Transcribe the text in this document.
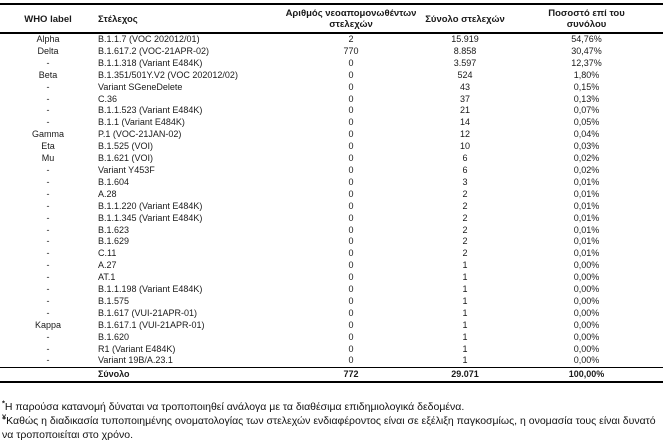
WHO label	Στέλεχος	Αριθμός νεοαπομονωθέντων στελεχών	Σύνολο στελεχών	Ποσοστό επί του συνόλου
Alpha	B.1.1.7 (VOC 202012/01)	2	15.919	54,76%
Delta	B.1.617.2 (VOC-21APR-02)	770	8.858	30,47%
-	B.1.1.318 (Variant E484K)	0	3.597	12,37%
Beta	B.1.351/501Y.V2 (VOC 202012/02)	0	524	1,80%
-	Variant SGeneDelete	0	43	0,15%
-	C.36	0	37	0,13%
-	B.1.1.523 (Variant E484K)	0	21	0,07%
-	B.1.1 (Variant E484K)	0	14	0,05%
Gamma	P.1 (VOC-21JAN-02)	0	12	0,04%
Eta	B.1.525 (VOI)	0	10	0,03%
Mu	B.1.621 (VOI)	0	6	0,02%
-	Variant Y453F	0	6	0,02%
-	B.1.604	0	3	0,01%
-	A.28	0	2	0,01%
-	B.1.1.220 (Variant E484K)	0	2	0,01%
-	B.1.1.345 (Variant E484K)	0	2	0,01%
-	B.1.623	0	2	0,01%
-	B.1.629	0	2	0,01%
-	C.11	0	2	0,01%
-	A.27	0	1	0,00%
-	AT.1	0	1	0,00%
-	B.1.1.198 (Variant E484K)	0	1	0,00%
-	B.1.575	0	1	0,00%
-	B.1.617 (VUI-21APR-01)	0	1	0,00%
Kappa	B.1.617.1 (VUI-21APR-01)	0	1	0,00%
-	B.1.620	0	1	0,00%
-	R1 (Variant E484K)	0	1	0,00%
-	Variant 19B/A.23.1	0	1	0,00%
	Σύνολο	772	29.071	100,00%

*Η παρούσα κατανομή δύναται να τροποποιηθεί ανάλογα με τα διαθέσιμα επιδημιολογικά δεδομένα.

¥Καθώς η διαδικασία τυποποιημένης ονοματολογίας των στελεχών ενδιαφέροντος είναι σε εξέλιξη παγκοσμίως, η ονομασία τους είναι δυνατό να τροποποιείται στο χρόνο.
